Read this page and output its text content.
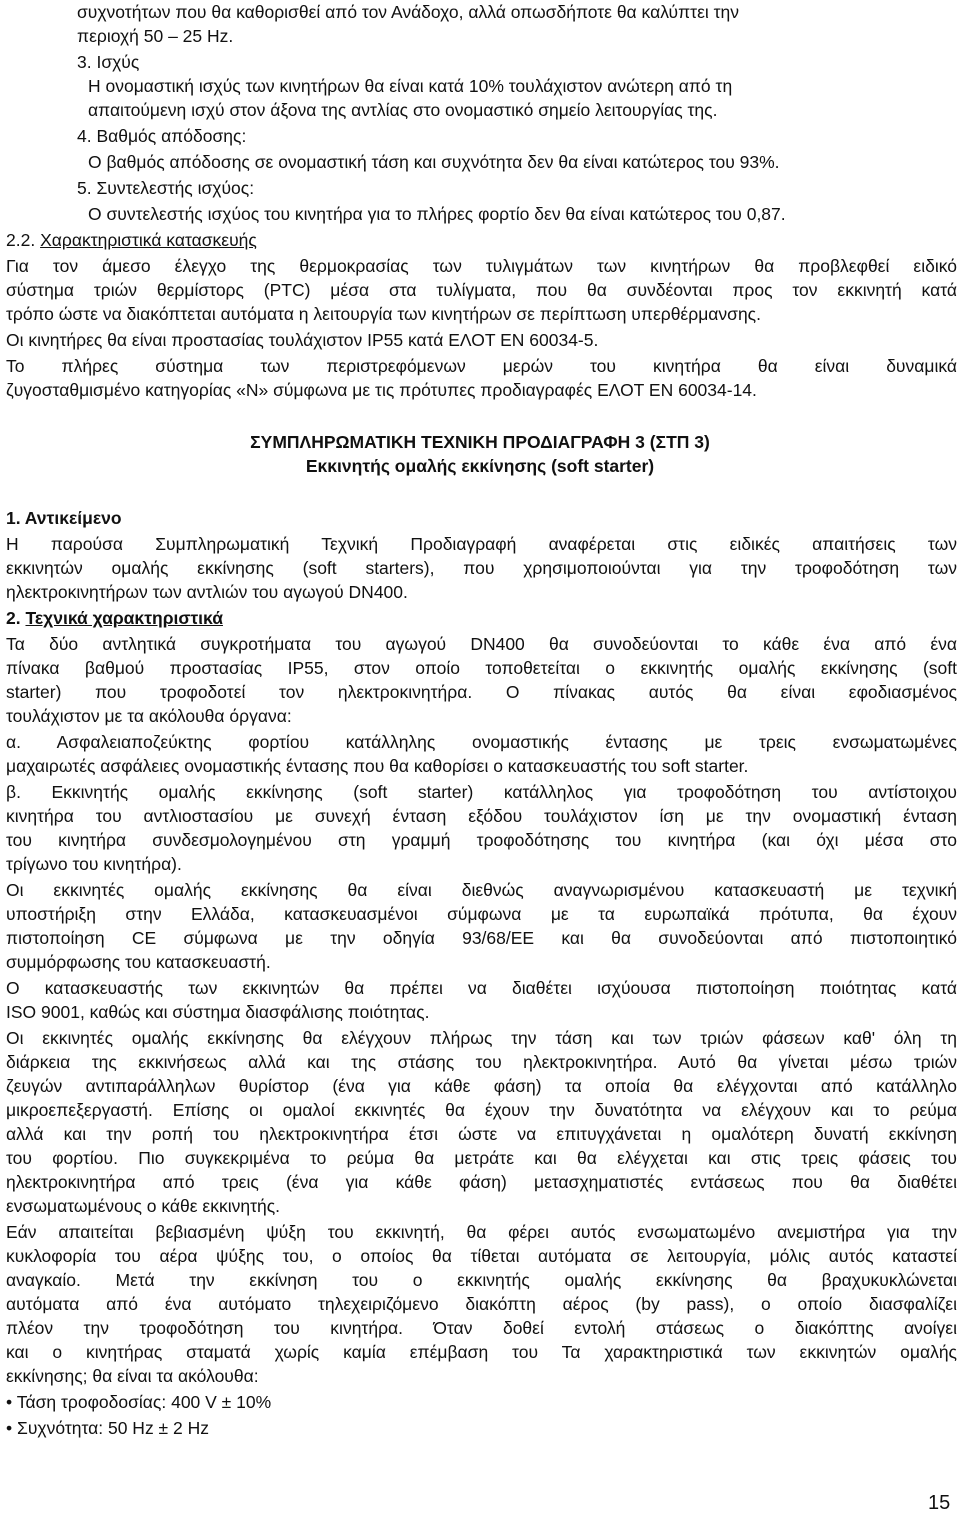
συχνοτήτων που θα καθορισθεί από τον Ανάδοχο, αλλά οπωσδήποτε θα καλύπτει την
περιοχή 50 – 25 Hz.
3. Ισχύς
Η ονομαστική ισχύς των κινητήρων θα είναι κατά 10% τουλάχιστον ανώτερη από τη
απαιτούμενη ισχύ στον άξονα της αντλίας στο ονομαστικό σημείο λειτουργίας της.
4. Βαθμός απόδοσης:
Ο βαθμός απόδοσης σε ονομαστική τάση και συχνότητα δεν θα είναι κατώτερος του 93%.
5. Συντελεστής ισχύος:
Ο συντελεστής ισχύος του κινητήρα για το πλήρες φορτίο δεν θα είναι κατώτερος του 0,87.
2.2. Χαρακτηριστικά κατασκευής
Για τον άμεσο έλεγχο της θερμοκρασίας των τυλιγμάτων των κινητήρων θα προβλεφθεί ειδικό
σύστημα τριών θερμίστορς (PTC) μέσα στα τυλίγματα, που θα συνδέονται προς τον εκκινητή κατά
τρόπο ώστε να διακόπτεται αυτόματα η λειτουργία των κινητήρων σε περίπτωση υπερθέρμανσης.
Οι κινητήρες θα είναι προστασίας τουλάχιστον IP55 κατά ΕΛΟΤ ΕΝ 60034-5.
Το πλήρες σύστημα των περιστρεφόμενων μερών του κινητήρα θα είναι δυναμικά
ζυγοσταθμισμένο κατηγορίας «Ν» σύμφωνα με τις πρότυπες προδιαγραφές ΕΛΟΤ ΕΝ 60034-14.
ΣΥΜΠΛΗΡΩΜΑΤΙΚΗ ΤΕΧΝΙΚΗ ΠΡΟΔΙΑΓΡΑΦΗ 3 (ΣΤΠ 3)
Εκκινητής ομαλής εκκίνησης (soft starter)
1. Αντικείμενο
Η παρούσα Συμπληρωματική Τεχνική Προδιαγραφή αναφέρεται στις ειδικές απαιτήσεις των
εκκινητών ομαλής εκκίνησης (soft starters), που χρησιμοποιούνται για την τροφοδότηση των
ηλεκτροκινητήρων των αντλιών του αγωγού DN400.
2. Τεχνικά χαρακτηριστικά
Τα δύο αντλητικά συγκροτήματα του αγωγού DN400 θα συνοδεύονται το κάθε ένα από ένα
πίνακα βαθμού προστασίας IP55, στον οποίο τοποθετείται ο εκκινητής ομαλής εκκίνησης (soft
starter) που τροφοδοτεί τον ηλεκτροκινητήρα. Ο πίνακας αυτός θα είναι εφοδιασμένος
τουλάχιστον με τα ακόλουθα όργανα:
α. Ασφαλειαποζεύκτης φορτίου κατάλληλης ονομαστικής έντασης με τρεις ενσωματωμένες
μαχαιρωτές ασφάλειες ονομαστικής έντασης που θα καθορίσει ο κατασκευαστής του soft starter.
β. Εκκινητής ομαλής εκκίνησης (soft starter) κατάλληλος για τροφοδότηση του αντίστοιχου
κινητήρα του αντλιοστασίου με συνεχή ένταση εξόδου τουλάχιστον ίση με την ονομαστική ένταση
του κινητήρα συνδεσμολογημένου στη γραμμή τροφοδότησης του κινητήρα (και όχι μέσα στο
τρίγωνο του κινητήρα).
Οι εκκινητές ομαλής εκκίνησης θα είναι διεθνώς αναγνωρισμένου κατασκευαστή με τεχνική
υποστήριξη στην Ελλάδα, κατασκευασμένοι σύμφωνα με τα ευρωπαϊκά πρότυπα, θα έχουν
πιστοποίηση CE σύμφωνα με την οδηγία 93/68/ΕΕ και θα συνοδεύονται από πιστοποιητικό
συμμόρφωσης του κατασκευαστή.
Ο κατασκευαστής των εκκινητών θα πρέπει να διαθέτει ισχύουσα πιστοποίηση ποιότητας κατά
ISO 9001, καθώς και σύστημα διασφάλισης ποιότητας.
Οι εκκινητές ομαλής εκκίνησης θα ελέγχουν πλήρως την τάση και των τριών φάσεων καθ' όλη τη
διάρκεια της εκκινήσεως αλλά και της στάσης του ηλεκτροκινητήρα. Αυτό θα γίνεται μέσω τριών
ζευγών αντιπαράλληλων θυρίστορ (ένα για κάθε φάση) τα οποία θα ελέγχονται από κατάλληλο
μικροεπεξεργαστή. Επίσης οι ομαλοί εκκινητές θα έχουν την δυνατότητα να ελέγχουν και το ρεύμα
αλλά και την ροπή του ηλεκτροκινητήρα έτσι ώστε να επιτυγχάνεται η ομαλότερη δυνατή εκκίνηση
του φορτίου. Πιο συγκεκριμένα το ρεύμα θα μετράτε και θα ελέγχεται και στις τρεις φάσεις του
ηλεκτροκινητήρα από τρεις (ένα για κάθε φάση) μετασχηματιστές εντάσεως που θα διαθέτει
ενσωματωμένους ο κάθε εκκινητής.
Εάν απαιτείται βεβιασμένη ψύξη του εκκινητή, θα φέρει αυτός ενσωματωμένο ανεμιστήρα για την
κυκλοφορία του αέρα ψύξης του, ο οποίος θα τίθεται αυτόματα σε λειτουργία, μόλις αυτός καταστεί
αναγκαίο. Μετά την εκκίνηση του ο εκκινητής ομαλής εκκίνησης θα βραχυκυκλώνεται
αυτόματα από ένα αυτόματο τηλεχειριζόμενο διακόπτη αέρος (by pass), ο οποίο διασφαλίζει
πλέον την τροφοδότηση του κινητήρα. Όταν δοθεί εντολή στάσεως ο διακόπτης ανοίγει
και ο κινητήρας σταματά χωρίς καμία επέμβαση του Τα χαρακτηριστικά των εκκινητών ομαλής
εκκίνησης; θα είναι τα ακόλουθα:
• Τάση τροφοδοσίας: 400 V ± 10%
• Συχνότητα: 50 Hz ± 2 Hz
15
